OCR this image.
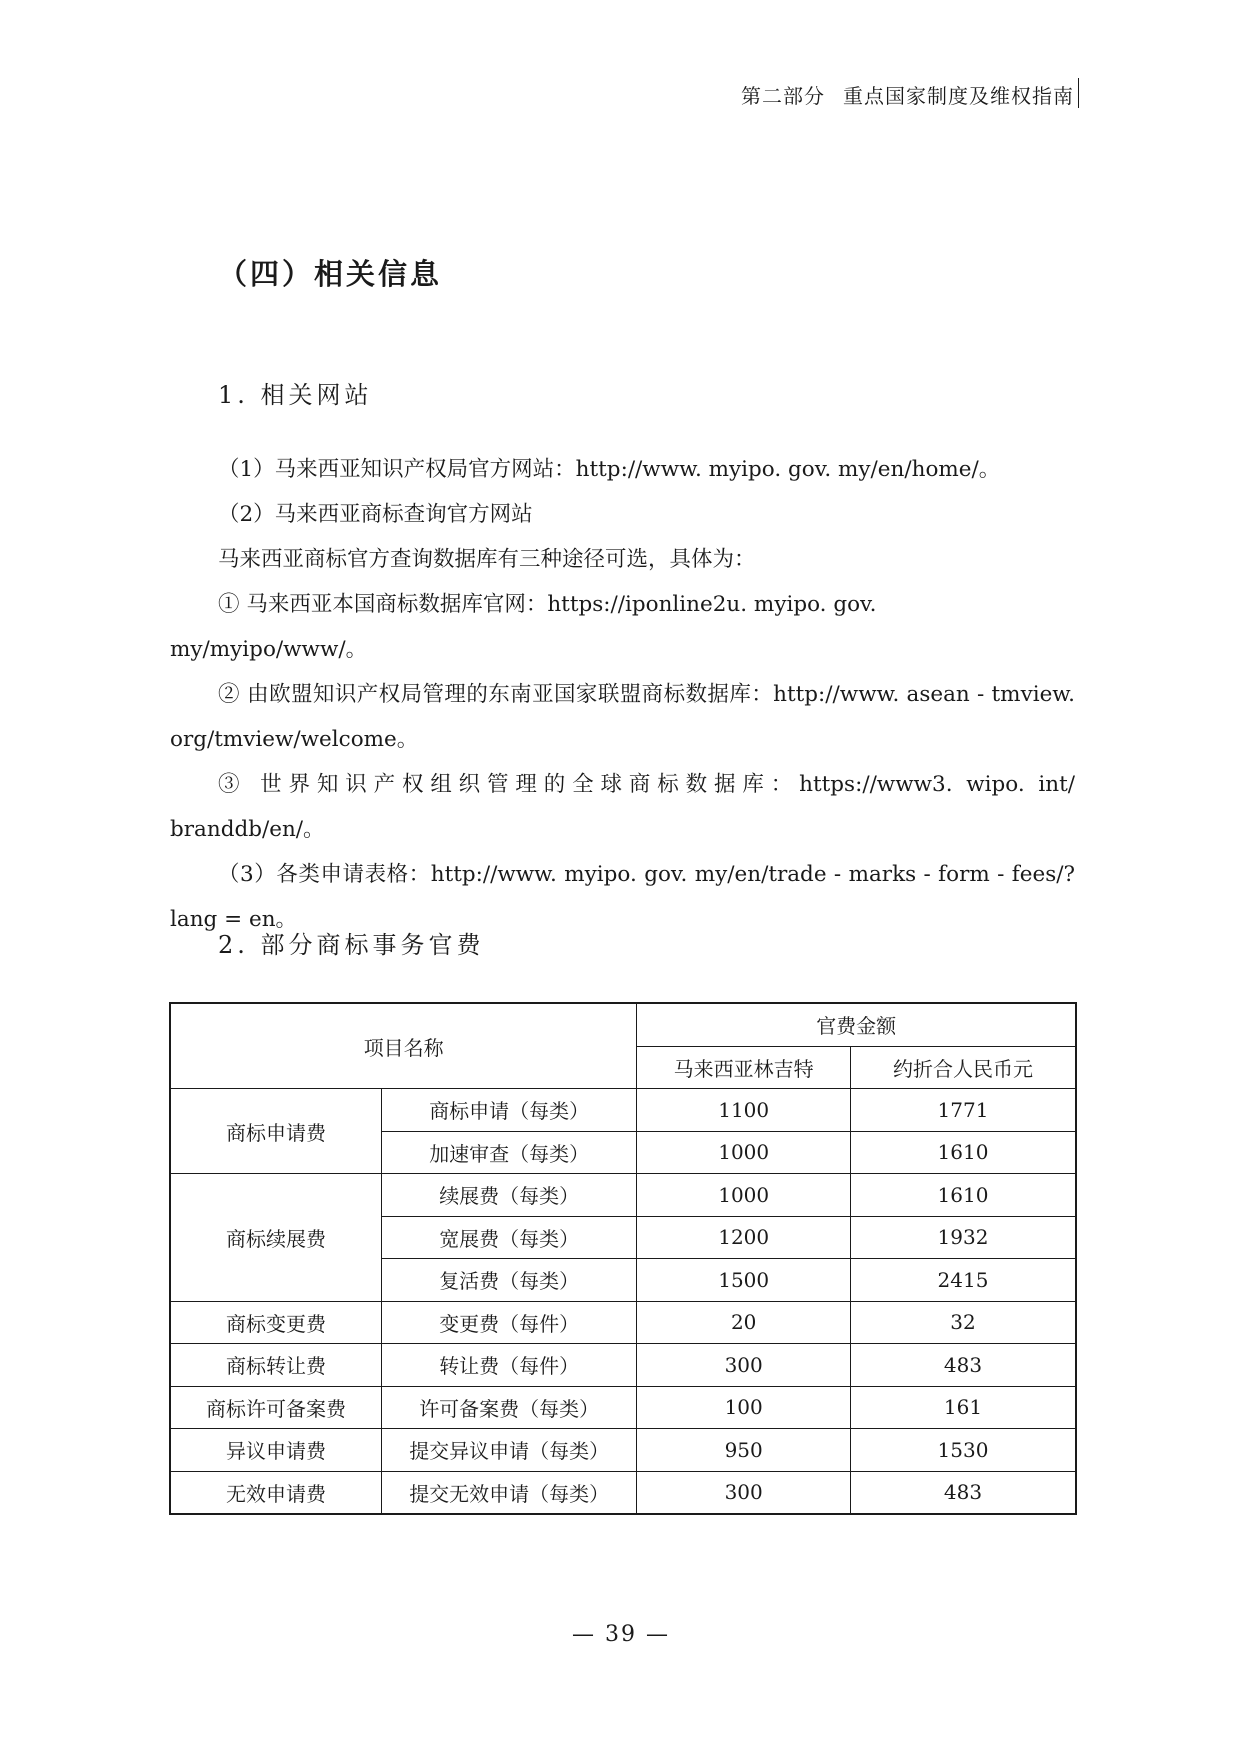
第二部分 重点国家制度及维权指南
（四）相关信息
1. 相关网站

（1）马来西亚知识产权局官方网站：http://www. myipo. gov. my/en/home/。

（2）马来西亚商标查询官方网站

马来西亚商标官方查询数据库有三种途径可选，具体为：

① 马来西亚本国商标数据库官网：https://iponline2u. myipo. gov. my/myipo/www/。

② 由欧盟知识产权局管理的东南亚国家联盟商标数据库：http://www. asean - tmview. org/tmview/welcome。

③ 世界知识产权组织管理的全球商标数据库：https://www3. wipo. int/ branddb/en/。

（3）各类申请表格：http://www. myipo. gov. my/en/trade - marks - form - fees/? lang = en。

2. 部分商标事务官费
项目名称		官费金额	
		马来西亚林吉特	约折合人民币元
商标申请费	商标申请（每类）	1100	1771
	加速审查（每类）	1000	1610
商标续展费	续展费（每类）	1000	1610
	宽展费（每类）	1200	1932
	复活费（每类）	1500	2415
商标变更费	变更费（每件）	20	32
商标转让费	转让费（每件）	300	483
商标许可备案费	许可备案费（每类）	100	161
异议申请费	提交异议申请（每类）	950	1530
无效申请费	提交无效申请（每类）	300	483
— 39 —
